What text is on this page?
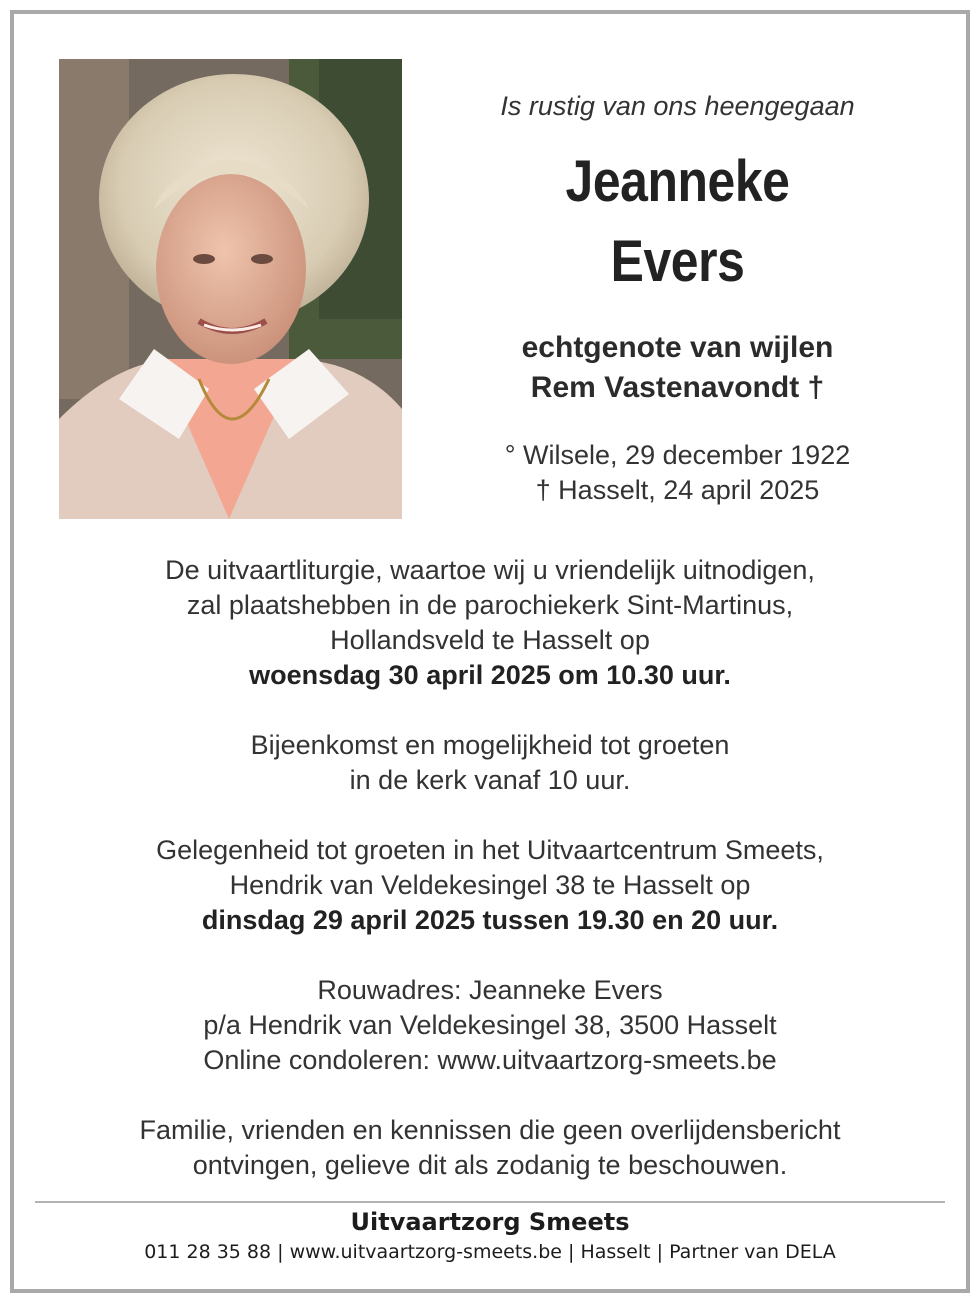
Is rustig van ons heengegaan
Jeanneke
Evers
echtgenote van wijlen
Rem Vastenavondt †
° Wilsele, 29 december 1922
† Hasselt, 24 april 2025

De uitvaartliturgie, waartoe wij u vriendelijk uitnodigen,

zal plaatshebben in de parochiekerk Sint-Martinus,

Hollandsveld te Hasselt op

woensdag 30 april 2025 om 10.30 uur.

Bijeenkomst en mogelijkheid tot groeten

in de kerk vanaf 10 uur.

Gelegenheid tot groeten in het Uitvaartcentrum Smeets,

Hendrik van Veldekesingel 38 te Hasselt op

dinsdag 29 april 2025 tussen 19.30 en 20 uur.

Rouwadres: Jeanneke Evers

p/a Hendrik van Veldekesingel 38, 3500 Hasselt

Online condoleren: www.uitvaartzorg-smeets.be

Familie, vrienden en kennissen die geen overlijdensbericht

ontvingen, gelieve dit als zodanig te beschouwen.

Uitvaartzorg Smeets
011 28 35 88 | www.uitvaartzorg-smeets.be | Hasselt | Partner van DELA
